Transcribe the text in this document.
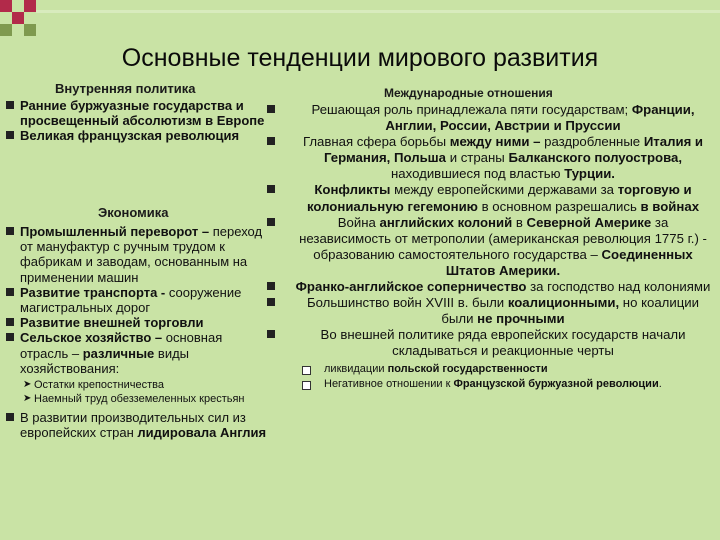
Основные тенденции мирового развития
Внутренняя политика
Ранние буржуазные государства и просвещенный абсолютизм в Европе
Великая французская революция
Экономика
Промышленный переворот – переход от мануфактур с ручным трудом к фабрикам и заводам, основанным на применении машин
Развитие транспорта - сооружение магистральных дорог
Развитие внешней торговли
Сельское хозяйство – основная отрасль – различные виды хозяйствования:
➤ Остатки крепостничества
➤ Наемный труд обезземеленных крестьян
В развитии производительных сил из европейских стран лидировала Англия
Международные отношения
Решающая роль принадлежала пяти государствам; Франции, Англии, России, Австрии и Пруссии
Главная сфера борьбы между ними – раздробленные Италия и Германия, Польша и страны Балканского полуострова, находившиеся под властью Турции.
Конфликты между европейскими державами за торговую и колониальную гегемонию в основном разрешались в войнах
Война английских колоний в Северной Америке за независимость от метрополии (американская революция 1775 г.) - образованию самостоятельного государства – Соединенных Штатов Америки.
Франко-английское соперничество за господство над колониями
Большинство войн XVIII в. были коалиционными, но коалиции были не прочными
Во внешней политике ряда европейских государств начали складываться и реакционные черты
ликвидации польской государственности
Негативное отношении к Французской буржуазной революции.
